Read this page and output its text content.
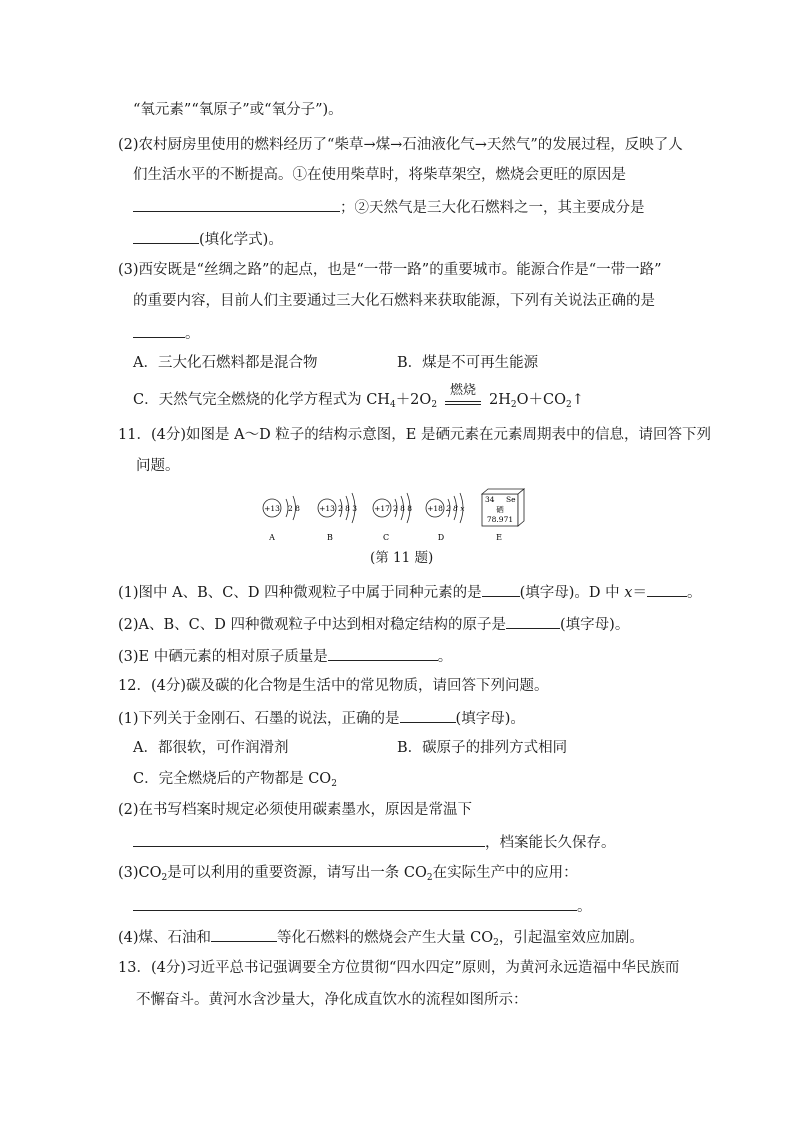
“氧元素”“氧原子”或“氧分子”)。
(2)农村厨房里使用的燃料经历了“柴草→煤→石油液化气→天然气”的发展过程，反映了人
们生活水平的不断提高。①在使用柴草时，将柴草架空，燃烧会更旺的原因是
；②天然气是三大化石燃料之一，其主要成分是
(填化学式)。
(3)西安既是“丝绸之路”的起点，也是“一带一路”的重要城市。能源合作是“一带一路”
的重要内容，目前人们主要通过三大化石燃料来获取能源，下列有关说法正确的是
。
A．三大化石燃料都是混合物	B．煤是不可再生能源
C．天然气完全燃烧的化学方程式为 $CH_4+2O_2$
燃烧
$2H_2O+CO_2↑$
11．(4分)如图是 A～D 粒子的结构示意图，E 是硒元素在元素周期表中的信息，请回答下列
问题。
+13 2 8
A
+13 2 8 3
B
+17 2 8 8
C
+18 2 8 x
D
34 Se
硒
78.971
E
(第 11 题)
(1)图中 A、B、C、D 四种微观粒子中属于同种元素的是	(填字母)。D 中 x＝	。
(2)A、B、C、D 四种微观粒子中达到相对稳定结构的原子是	(填字母)。
(3)E 中硒元素的相对原子质量是	。
12．(4分)碳及碳的化合物是生活中的常见物质，请回答下列问题。
(1)下列关于金刚石、石墨的说法，正确的是	(填字母)。
A．都很软，可作润滑剂	B．碳原子的排列方式相同
C．完全燃烧后的产物都是 $CO_2$
(2)在书写档案时规定必须使用碳素墨水，原因是常温下
，档案能长久保存。
$(3)CO_2$是可以利用的重要资源，请写出一条 $CO_2$在实际生产中的应用：
。
(4)煤、石油和	等化石燃料的燃烧会产生大量 $CO_2$，引起温室效应加剧。
13．(4分)习近平总书记强调要全方位贯彻“四水四定”原则，为黄河永远造福中华民族而
不懈奋斗。黄河水含沙量大，净化成直饮水的流程如图所示：
